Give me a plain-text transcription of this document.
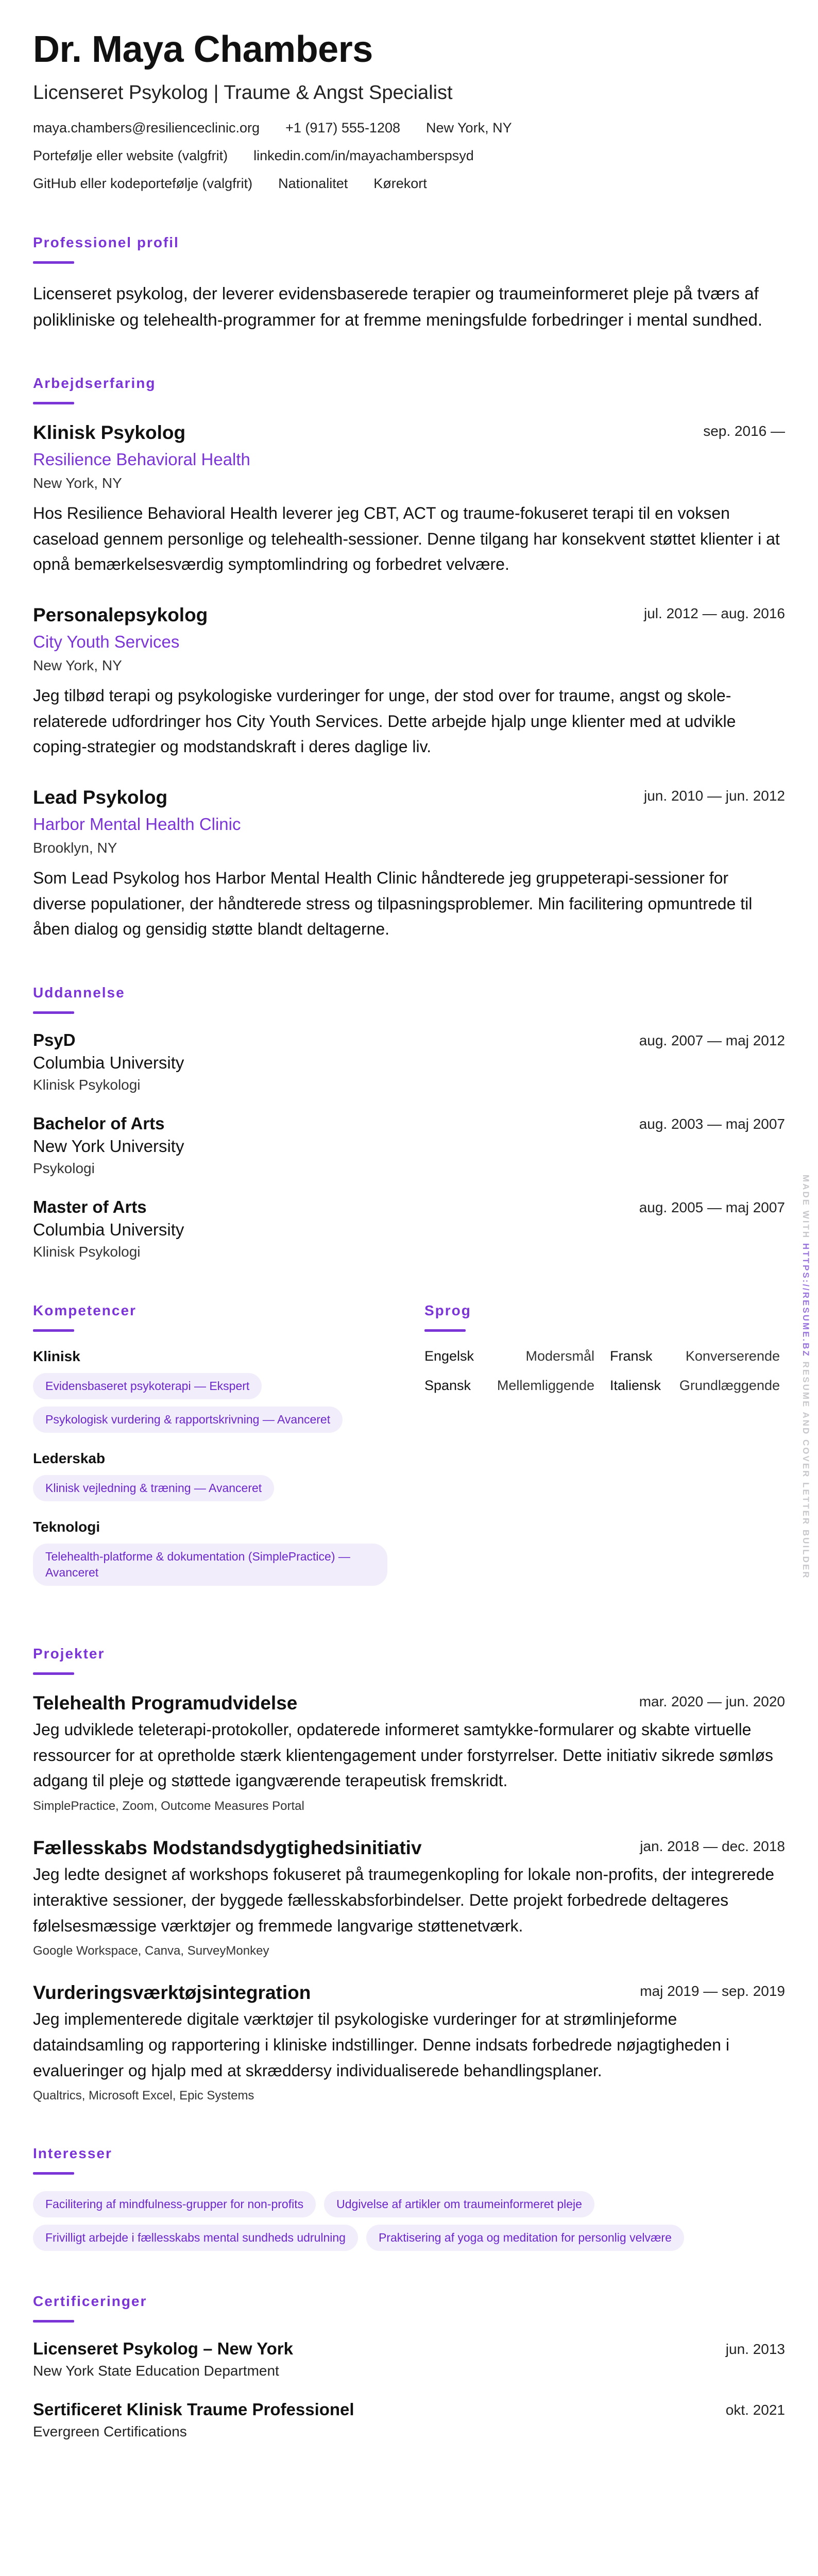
Dr. Maya Chambers
Licenseret Psykolog | Traume & Angst Specialist
maya.chambers@resilienceclinic.org +1 (917) 555-1208 New York, NY
Portefølje eller website (valgfrit) linkedin.com/in/mayachamberspsyd
GitHub eller kodeportefølje (valgfrit) Nationalitet Kørekort
Professionel profil

Licenseret psykolog, der leverer evidensbaserede terapier og traumeinformeret pleje på tværs af polikliniske og telehealth-programmer for at fremme meningsfulde forbedringer i mental sundhed.

Arbejdserfaring
Klinisk Psykolog	sep. 2016 —
Resilience Behavioral Health
New York, NY
Hos Resilience Behavioral Health leverer jeg CBT, ACT og traume-fokuseret terapi til en voksen caseload gennem personlige og telehealth-sessioner. Denne tilgang har konsekvent støttet klienter i at opnå bemærkelsesværdig symptomlindring og forbedret velvære.
Personalepsykolog	jul. 2012 — aug. 2016
City Youth Services
New York, NY
Jeg tilbød terapi og psykologiske vurderinger for unge, der stod over for traume, angst og skole-relaterede udfordringer hos City Youth Services. Dette arbejde hjalp unge klienter med at udvikle coping-strategier og modstandskraft i deres daglige liv.
Lead Psykolog	jun. 2010 — jun. 2012
Harbor Mental Health Clinic
Brooklyn, NY
Som Lead Psykolog hos Harbor Mental Health Clinic håndterede jeg gruppeterapi-sessioner for diverse populationer, der håndterede stress og tilpasningsproblemer. Min facilitering opmuntrede til åben dialog og gensidig støtte blandt deltagerne.
Uddannelse
PsyD	aug. 2007 — maj 2012
Columbia University
Klinisk Psykologi
Bachelor of Arts	aug. 2003 — maj 2007
New York University
Psykologi
Master of Arts	aug. 2005 — maj 2007
Columbia University
Klinisk Psykologi
Kompetencer
Klinisk
Evidensbaseret psykoterapi — Ekspert
Psykologisk vurdering & rapportskrivning — Avanceret
Lederskab
Klinisk vejledning & træning — Avanceret
Teknologi
Telehealth-platforme & dokumentation (SimplePractice) — Avanceret
Sprog
Engelsk	Modersmål Fransk Konverserende
Spansk Mellemliggende Italiensk Grundlæggende
Projekter
Telehealth Programudvidelse	mar. 2020 — jun. 2020
Jeg udviklede teleterapi-protokoller, opdaterede informeret samtykke-formularer og skabte virtuelle ressourcer for at opretholde stærk klientengagement under forstyrrelser. Dette initiativ sikrede sømløs adgang til pleje og støttede igangværende terapeutisk fremskridt.
SimplePractice, Zoom, Outcome Measures Portal
Fællesskabs Modstandsdygtighedsinitiativ	jan. 2018 — dec. 2018
Jeg ledte designet af workshops fokuseret på traumegenkopling for lokale non-profits, der integrerede interaktive sessioner, der byggede fællesskabsforbindelser. Dette projekt forbedrede deltageres følelsesmæssige værktøjer og fremmede langvarige støttenetværk.
Google Workspace, Canva, SurveyMonkey
Vurderingsværktøjsintegration	maj 2019 — sep. 2019
Jeg implementerede digitale værktøjer til psykologiske vurderinger for at strømlinjeforme dataindsamling og rapportering i kliniske indstillinger. Denne indsats forbedrede nøjagtigheden i evalueringer og hjalp med at skræddersy individualiserede behandlingsplaner.
Qualtrics, Microsoft Excel, Epic Systems
Interesser
Facilitering af mindfulness-grupper for non-profits	Udgivelse af artikler om traumeinformeret pleje
Frivilligt arbejde i fællesskabs mental sundheds udrulning	Praktisering af yoga og meditation for personlig velvære
Certificeringer
Licenseret Psykolog – New York	jun. 2013
New York State Education Department
Sertificeret Klinisk Traume Professionel	okt. 2021
Evergreen Certifications
MADE WITH HTTPS://RESUME.BZ RESUME AND COVER LETTER BUILDER
